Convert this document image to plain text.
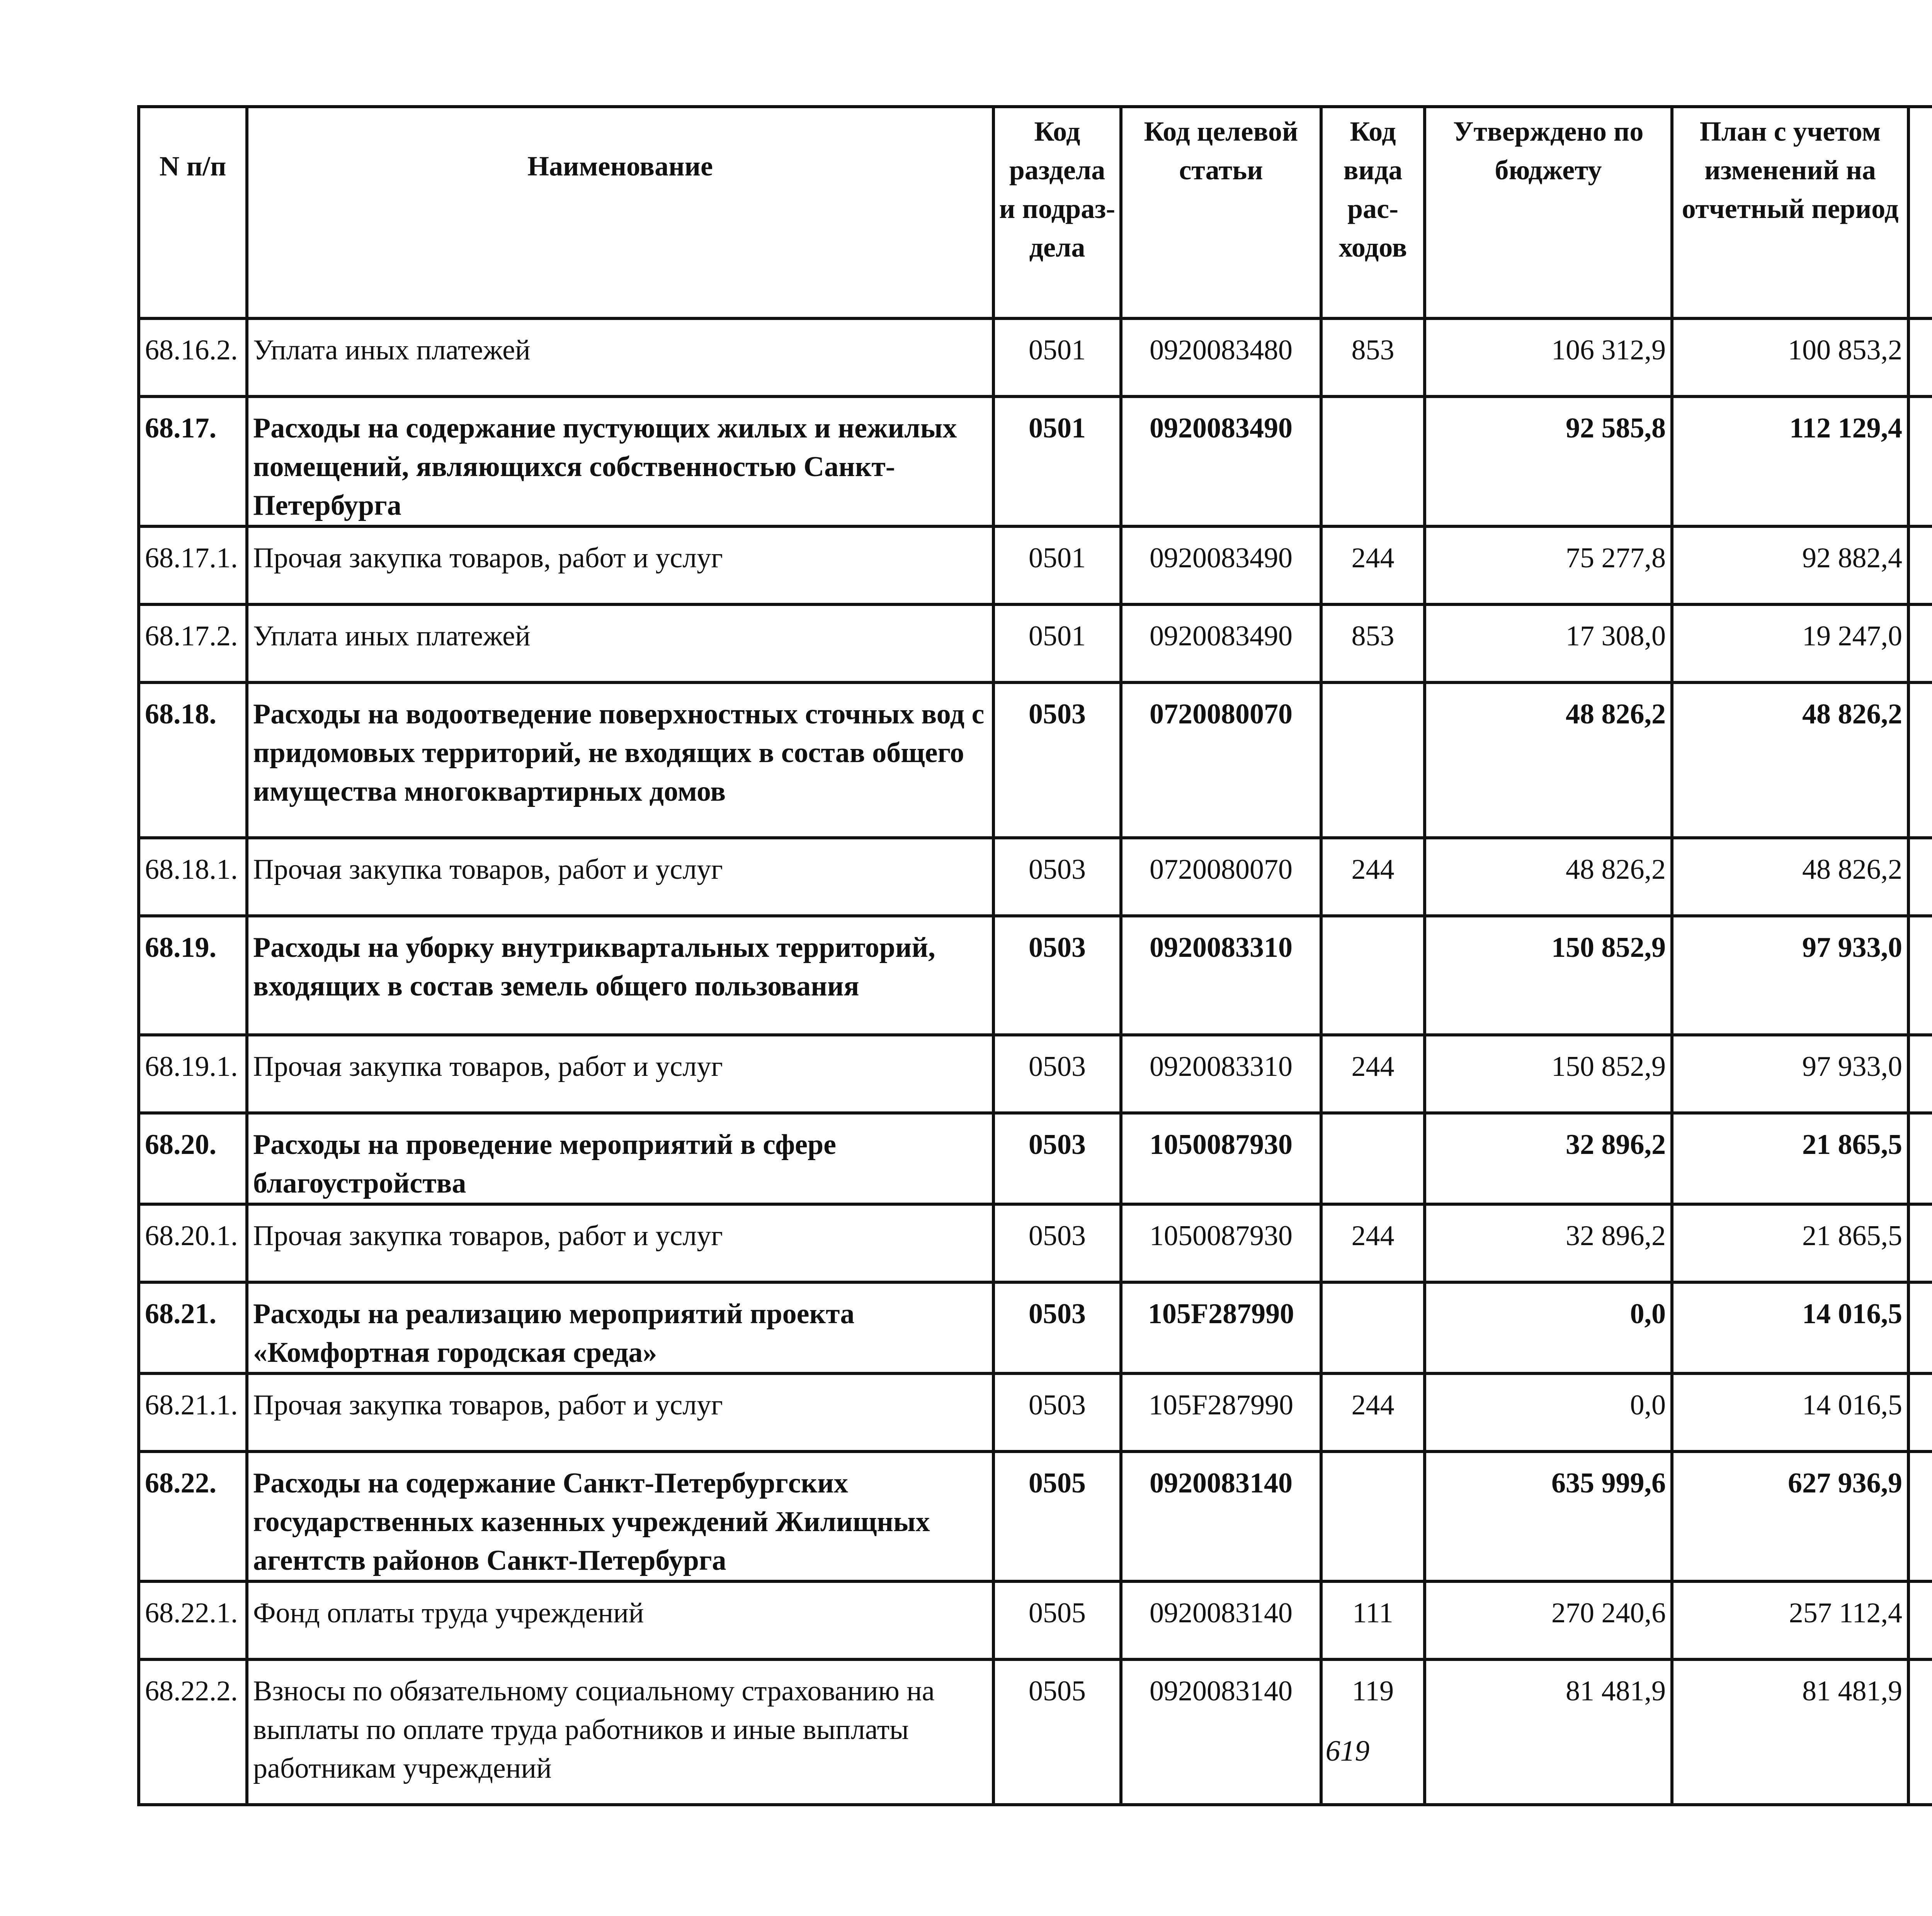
N п/п	Наименование	Код раздела и подраз-дела	Код целевой статьи	Код вида рас-ходов	Утверждено по бюджету	План с учетом изменений на отчетный период		

68.16.2.	Уплата иных платежей	0501	0920083480	853	106 312,9	100 853,2			
68.17.	Расходы на содержание пустующих жилых и нежилых помещений, являющихся собственностью Санкт-Петербурга	0501	0920083490		92 585,8	112 129,4			
68.17.1.	Прочая закупка товаров, работ и услуг	0501	0920083490	244	75 277,8	92 882,4			
68.17.2.	Уплата иных платежей	0501	0920083490	853	17 308,0	19 247,0			
68.18.	Расходы на водоотведение поверхностных сточных вод с придомовых территорий, не входящих в состав общего имущества многоквартирных домов	0503	0720080070		48 826,2	48 826,2			
68.18.1.	Прочая закупка товаров, работ и услуг	0503	0720080070	244	48 826,2	48 826,2			
68.19.	Расходы на уборку внутриквартальных территорий, входящих в состав земель общего пользования	0503	0920083310		150 852,9	97 933,0			
68.19.1.	Прочая закупка товаров, работ и услуг	0503	0920083310	244	150 852,9	97 933,0			
68.20.	Расходы на проведение мероприятий в сфере благоустройства	0503	1050087930		32 896,2	21 865,5			
68.20.1.	Прочая закупка товаров, работ и услуг	0503	1050087930	244	32 896,2	21 865,5			
68.21.	Расходы на реализацию мероприятий проекта «Комфортная городская среда»	0503	105F287990		0,0	14 016,5			
68.21.1.	Прочая закупка товаров, работ и услуг	0503	105F287990	244	0,0	14 016,5			
68.22.	Расходы на содержание Санкт-Петербургских государственных казенных учреждений Жилищных агентств районов Санкт-Петербурга	0505	0920083140		635 999,6	627 936,9			
68.22.1.	Фонд оплаты труда учреждений	0505	0920083140	111	270 240,6	257 112,4			
68.22.2.	Взносы по обязательному социальному страхованию на выплаты по оплате труда работников и иные выплаты работникам учреждений	0505	0920083140	119	81 481,9	81 481,9			
619
